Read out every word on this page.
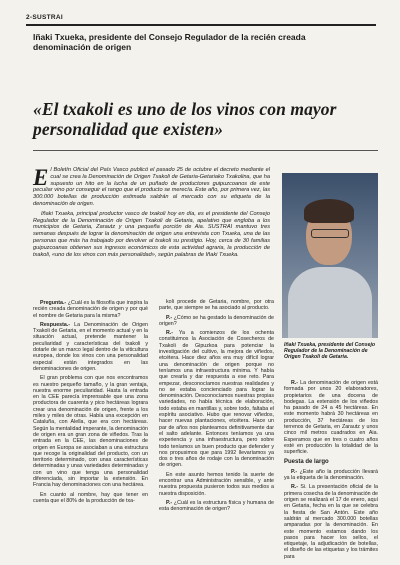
2-SUSTRAI
Iñaki Txueka, presidente del Consejo Regulador de la recién creada denominación de origen
«El txakoli es uno de los vinos con mayor personalidad que existen»

El Boletín Oficial del País Vasco publicó el pasado 25 de octubre el decreto mediante el cual se crea la Denominación de Origen Txakoli de Getaria-Getariako Txakolina, que ha supuesto un hito en la lucha de un puñado de productores guipuzcoanos de este peculiar vino por conseguir el rango que el producto se merecía. Este año, por primera vez, las 300.000 botellas de producción estimada saldrán al mercado con su etiqueta de la denominación de origen.

Iñaki Txueka, principal productor vasco de txakoli hoy en día, es el presidente del Consejo Regulador de la Denominación de Origen Txakoli de Getaria, apelativo que engloba a los municipios de Getaria, Zarautz y una pequeña porción de Aia. SUSTRAI mantuvo tres semanas después de lograr la denominación de origen una entrevista con Txueka, una de las personas que más ha trabajado por devolver al txakoli su prestigio. Hoy, cerca de 30 familias guipuzcoanas obtienen sus ingresos económicos de esta actividad agraria, la producción de txakoli, «uno de los vinos con más personalidad», según palabras de Iñaki Txueka.

Iñaki Txueka, presidente del Consejo Regulador de la Denominación de Origen Txakoli de Getaria.

Pregunta.- ¿Cuál es la filosofía que inspira la recién creada denominación de origen y por qué el nombre de Getaria para la misma?

Respuesta.- La Denominación de Origen Txakoli de Getaria, en el momento actual y en la situación actual, pretende mantener la peculiaridad y características del txakoli y dotarle de un marco legal dentro de la viticultura europea, donde los vinos con una personalidad especial están integrados en las denominaciones de origen.

El gran problema con que nos encontramos es nuestro pequeño tamaño, y la gran ventaja, nuestra enorme peculiaridad. Hasta la entrada en la CEE parecía imprensable que una zona productora de cuarenta y pico hectáreas lograra crear una denominación de origen, frente a los miles y miles de otras. Había una excepción en Cataluña, con Alella, que era con hectáreas. Según la mentalidad imperante, la denominación de origen era un gran zona de viñedos. Tras la entrada en la CEE, las denominaciones de origen en Europa se asociaban a una estructura que recoge la originalidad del producto, con un territorio determinado, con unas características determinadas y unas variedades determinadas y con un vino que tenga una personalidad diferenciada, sin importar la extensión. En Francia hay denominaciones con una hectárea.

En cuanto al nombre, hay que tener en cuenta que el 80% de la producción de txa-

koli procede de Getaria, nombre, por otra parte, que siempre se ha asociado al producto.

P.- ¿Cómo se ha gestado la denominación de origen?

R.- Ya a comienzos de los ochenta constituimos la Asociación de Cosecheros de Txakoli de Gipuzkoa para potenciar la investigación del cultivo, la mejora de viñedos, etcétera. Hace diez años era muy difícil lograr una denominación de origen porque no teníamos una infraestructura mínima. Y había que crearla y dar respuesta a ese reto. Para empezar, desconocíamos nuestras realidades y no se estaba concienciado para lograr la denominación. Desconocíamos nuestras propias variedades, no había técnica de elaboración, todo estaba en mantillas y, sobre todo, faltaba el espíritu asociativo. Hubo que renovar viñedos, hacer nuevas plantaciones, etcétera. Hace un par de años nos planteamos definitivamente dar el salto adelante. Entonces teníamos ya una experiencia y una infraestructura, pero sobre todo teníamos un buen producto que defender y nos propusimos que para 1992 llevaríamos ya dos o tres años de rodaje con la denominación de origen.

En este asunto hemos tenido la suerte de encontrar una Administración sensible, y ante nuestra propuesta pusieron todos sus medios a nuestra disposición.

P.- ¿Cuál es la estructura física y humana de esta denominación de origen?

R.- La denominación de origen está formada por unos 20 elaboradores, propietarios de una docena de bodegas. La extensión de los viñedos ha pasado de 24 a 45 hectáreas. En este momento habrá 30 hectáreas en producción, 37 hectáreas de los terrenos de Getaria, en Zarautz y unos cinco mil metros cuadrados en Aia. Esperamos que en tres o cuatro años esté en producción la totalidad de la superficie.

Puesta de largo

P.- ¿Este año la producción llevará ya la etiqueta de la denominación.

R.- Si. La presentación oficial de la primera cosecha de la denominación de origen se realizará el 17 de enero, aquí en Getaria, fecha en la que se celebra la fiesta de San Antón. Este año saldrán al mercado 300.000 botellas amparadas por la denominación. En este momento estamos dando los pasos para hacer los sellos, el etiquetaje, la adjudicación de botellas, el diseño de las etiquetas y los trámites para
